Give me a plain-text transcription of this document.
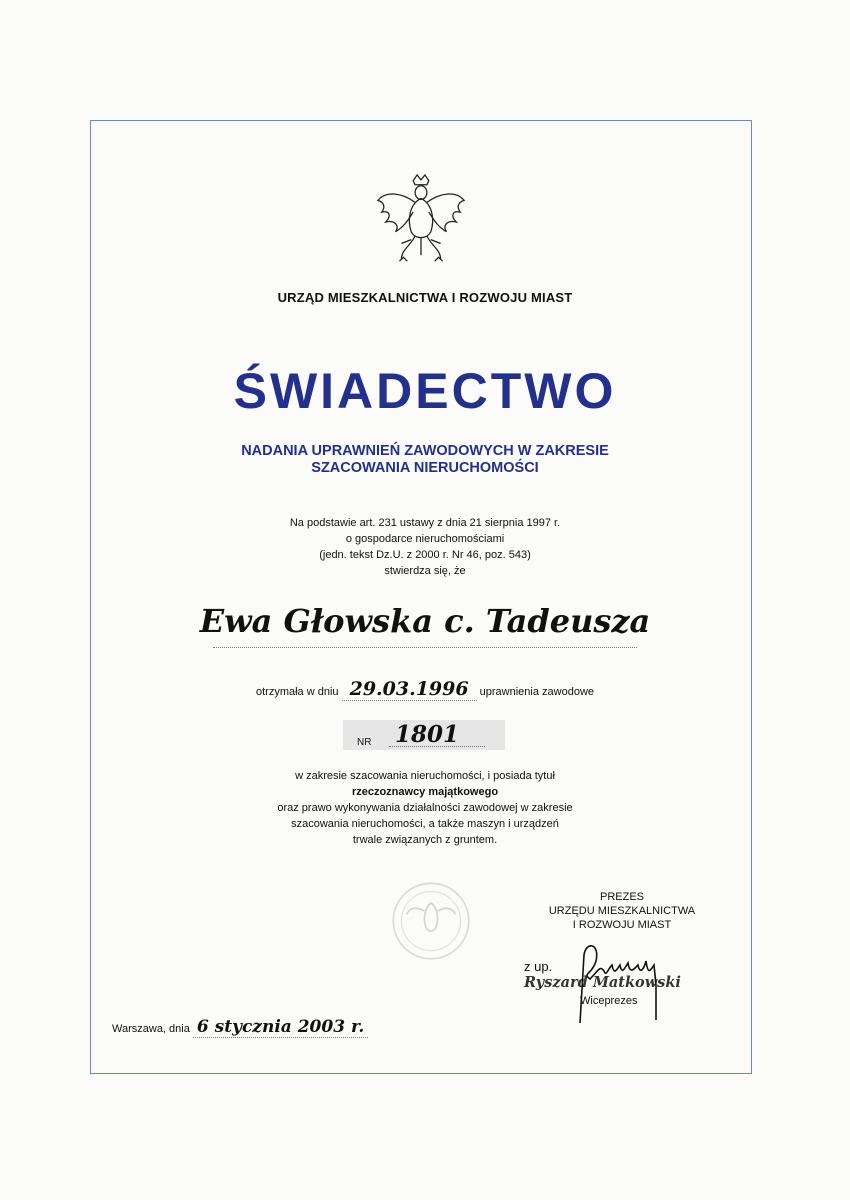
URZĄD MIESZKALNICTWA I ROZWOJU MIAST
ŚWIADECTWO
NADANIA UPRAWNIEŃ ZAWODOWYCH W ZAKRESIE
SZACOWANIA NIERUCHOMOŚCI
Na podstawie art. 231 ustawy z dnia 21 sierpnia 1997 r.
o gospodarce nieruchomościami
(jedn. tekst Dz.U. z 2000 r. Nr 46, poz. 543)
stwierdza się, że
Ewa Głowska c. Tadeusza
otrzymała w dniu 29.03.1996 uprawnienia zawodowe
NR 1801
w zakresie szacowania nieruchomości, i posiada tytuł
rzeczoznawcy majątkowego
oraz prawo wykonywania działalności zawodowej w zakresie
szacowania nieruchomości, a także maszyn i urządzeń
trwale związanych z gruntem.
PREZES
URZĘDU MIESZKALNICTWA
I ROZWOJU MIAST
z up.
Ryszard Matkowski
Wiceprezes
Warszawa, dnia 6 stycznia 2003 r.
